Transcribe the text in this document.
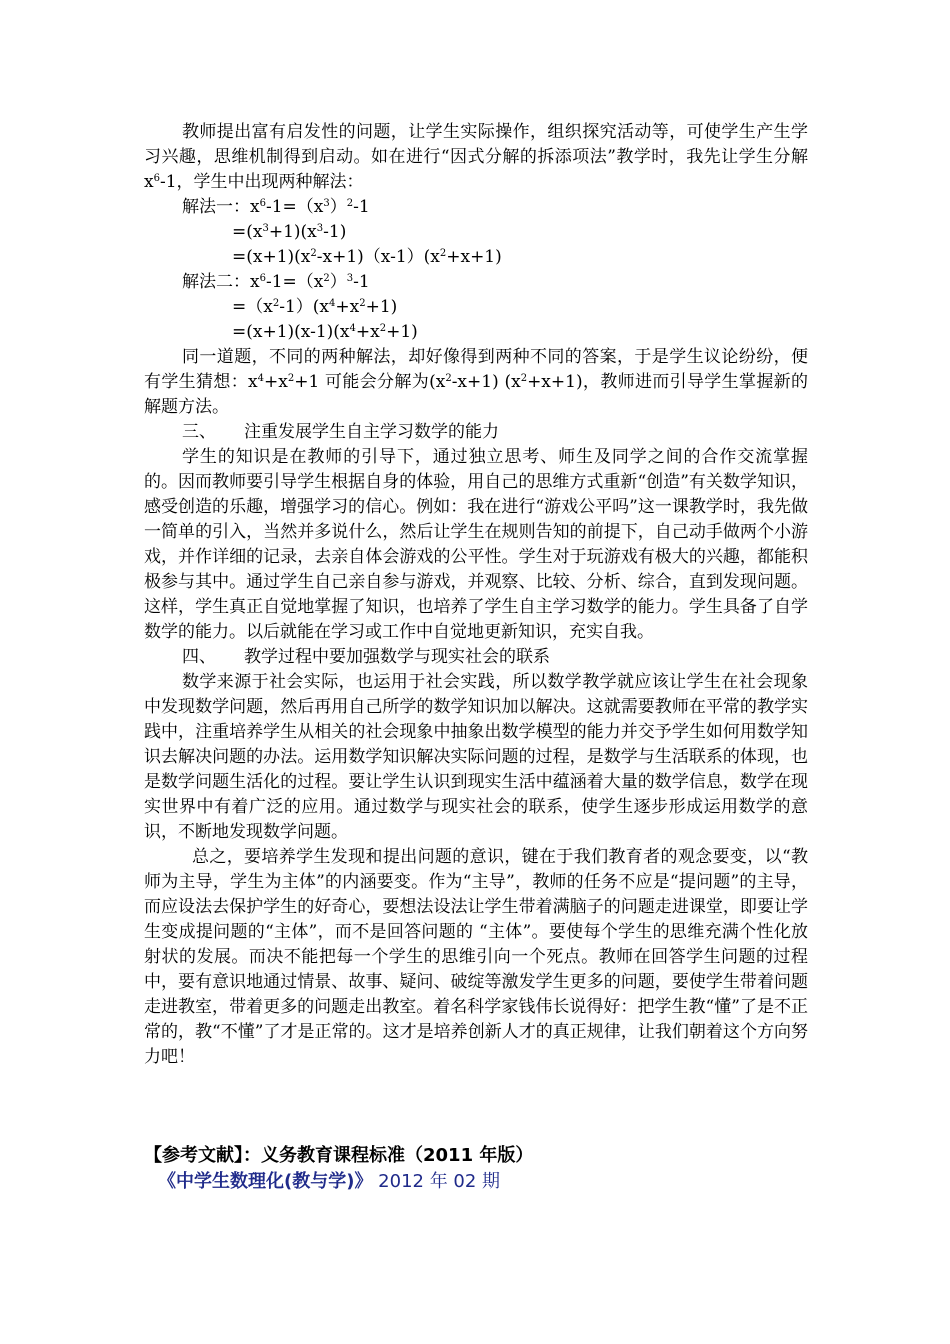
教师提出富有启发性的问题，让学生实际操作，组织探究活动等，可使学生产生学习兴趣，思维机制得到启动。如在进行“因式分解的拆添项法”教学时，我先让学生分解 $x^6-1$，学生中出现两种解法：

解法一：$x^6-1=(x^3)^2-1$
$=(x^3+1)(x^3-1)$
$=(x+1)(x^2-x+1)(x-1)(x^2+x+1)$
解法二：$x^6-1=(x^2)^3-1$
$=(x^2-1)(x^4+x^2+1)$
$=(x+1)(x-1)(x^4+x^2+1)$

同一道题，不同的两种解法，却好像得到两种不同的答案，于是学生议论纷纷，便有学生猜想：$x^4+x^2+1$ 可能会分解为$(x^2-x+1)$ $(x^2+x+1)$，教师进而引导学生掌握新的解题方法。

三、 注重发展学生自主学习数学的能力

学生的知识是在教师的引导下，通过独立思考、师生及同学之间的合作交流掌握的。因而教师要引导学生根据自身的体验，用自己的思维方式重新“创造”有关数学知识，感受创造的乐趣，增强学习的信心。例如：我在进行“游戏公平吗”这一课教学时，我先做一简单的引入，当然并多说什么，然后让学生在规则告知的前提下，自己动手做两个小游戏，并作详细的记录，去亲自体会游戏的公平性。学生对于玩游戏有极大的兴趣，都能积极参与其中。通过学生自己亲自参与游戏，并观察、比较、分析、综合，直到发现问题。这样，学生真正自觉地掌握了知识，也培养了学生自主学习数学的能力。学生具备了自学数学的能力。以后就能在学习或工作中自觉地更新知识，充实自我。

四、 教学过程中要加强数学与现实社会的联系

数学来源于社会实际，也运用于社会实践，所以数学教学就应该让学生在社会现象中发现数学问题，然后再用自己所学的数学知识加以解决。这就需要教师在平常的教学实践中，注重培养学生从相关的社会现象中抽象出数学模型的能力并交予学生如何用数学知识去解决问题的办法。运用数学知识解决实际问题的过程，是数学与生活联系的体现，也是数学问题生活化的过程。要让学生认识到现实生活中蕴涵着大量的数学信息，数学在现实世界中有着广泛的应用。通过数学与现实社会的联系，使学生逐步形成运用数学的意识，不断地发现数学问题。

总之，要培养学生发现和提出问题的意识，键在于我们教育者的观念要变，以“教师为主导，学生为主体”的内涵要变。作为“主导”，教师的任务不应是“提问题”的主导，而应设法去保护学生的好奇心，要想法设法让学生带着满脑子的问题走进课堂，即要让学生变成提问题的“主体”，而不是回答问题的 “主体”。要使每个学生的思维充满个性化放射状的发展。而决不能把每一个学生的思维引向一个死点。教师在回答学生问题的过程中，要有意识地通过情景、故事、疑问、破绽等激发学生更多的问题，要使学生带着问题走进教室，带着更多的问题走出教室。着名科学家钱伟长说得好：把学生教“懂”了是不正常的，教“不懂”了才是正常的。这才是培养创新人才的真正规律，让我们朝着这个方向努力吧！

【参考文献】：义务教育课程标准（2011 年版）
《中学生数理化(教与学)》 2012 年 02 期
